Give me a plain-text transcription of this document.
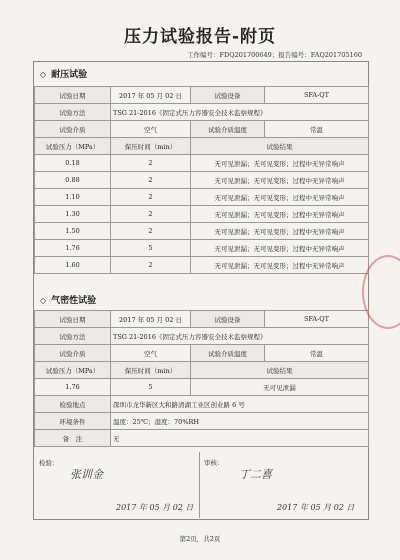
压力试验报告-附页
工作编号：FDQ201700649；报告编号：FAQ201705160
◇ 耐压试验
试验日期	2017 年 05 月 02 日	试验设备	SFA-QT
试验方法	TSG 21-2016《固定式压力容器安全技术监察规程》		
试验介质	空气	试验介质温度	常温
试验压力（MPa）	保压时间（min）	试验结果	
0.18	2	无可见泄漏；无可见变形；过程中无异常响声	
0.88	2	无可见泄漏；无可见变形；过程中无异常响声	
1.10	2	无可见泄漏；无可见变形；过程中无异常响声	
1.30	2	无可见泄漏；无可见变形；过程中无异常响声	
1.50	2	无可见泄漏；无可见变形；过程中无异常响声	
1.76	5	无可见泄漏；无可见变形；过程中无异常响声	
1.60	2	无可见泄漏；无可见变形；过程中无异常响声	
◇ 气密性试验
试验日期	2017 年 05 月 02 日	试验设备	SFA-QT
试验方法	TSG 21-2016《固定式压力容器安全技术监察规程》		
试验介质	空气	试验介质温度	常温
试验压力（MPa）	保压时间（min）	试验结果	
1.76	5	无可见泄漏	
检验地点	深圳市龙华新区大和路清湖工业区创业路 6 号		
环境条件	温度：25℃；湿度：70%RH		
备　注	无		
检验：
张训金
2017 年 05 月 02 日
审核：
丁二喜
2017 年 05 月 02 日
第2页，共2页
